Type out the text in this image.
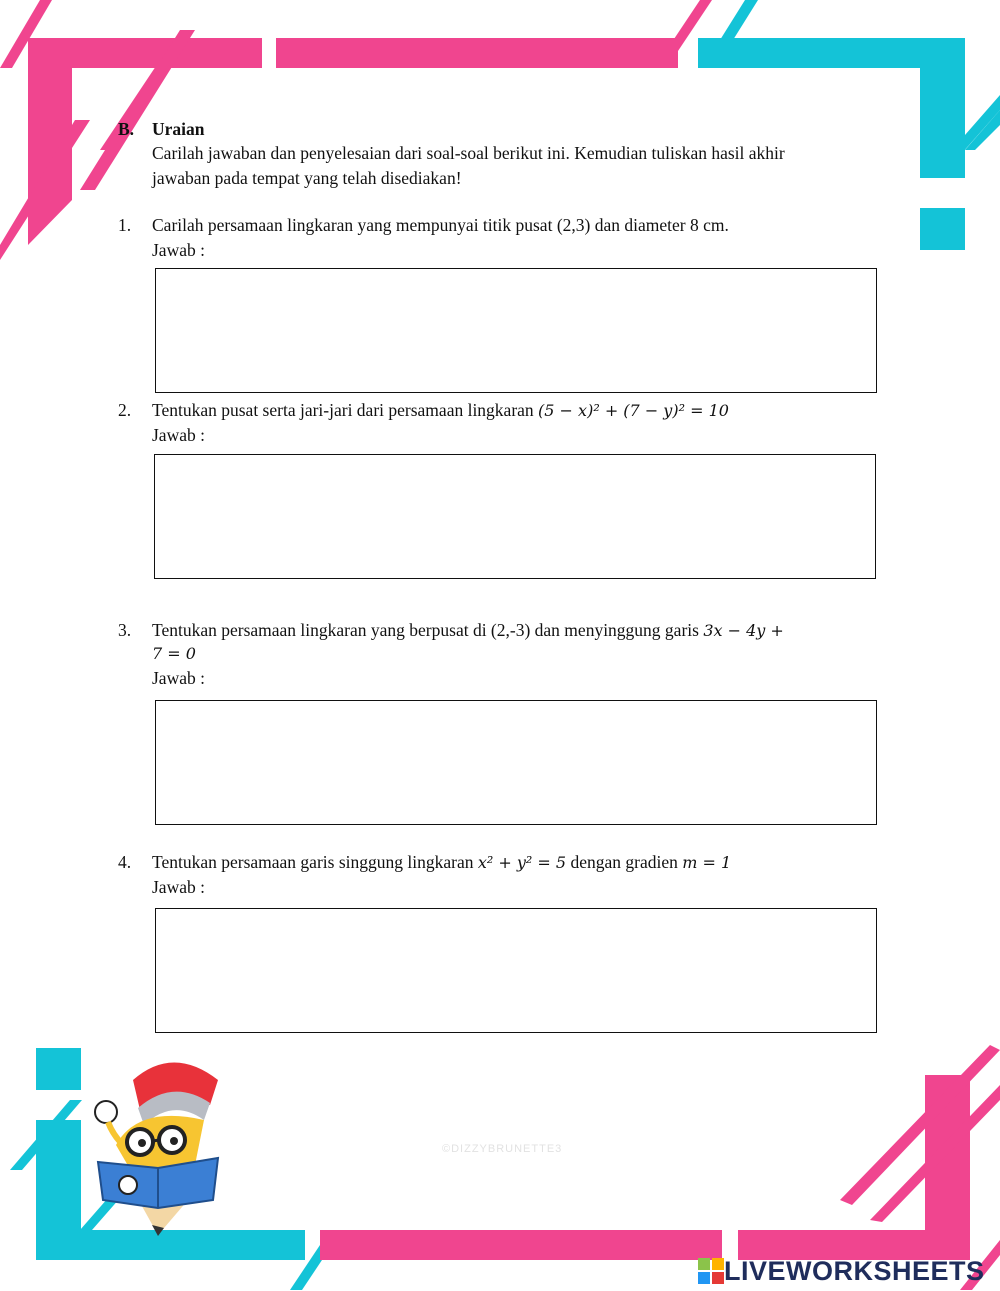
B. Uraian
Carilah jawaban dan penyelesaian dari soal-soal berikut ini. Kemudian tuliskan hasil akhir
jawaban pada tempat yang telah disediakan!
1. Carilah persamaan lingkaran yang mempunyai titik pusat (2,3) dan diameter 8 cm.
Jawab :
2. Tentukan pusat serta jari-jari dari persamaan lingkaran (5 − x)² + (7 − y)² = 10
Jawab :
3. Tentukan persamaan lingkaran yang berpusat di (2,-3) dan menyinggung garis 3x − 4y +
7 = 0
Jawab :
4. Tentukan persamaan garis singgung lingkaran x² + y² = 5 dengan gradien m = 1
Jawab :
©DIZZYBRUNETTE3
LIVEWORKSHEETS
